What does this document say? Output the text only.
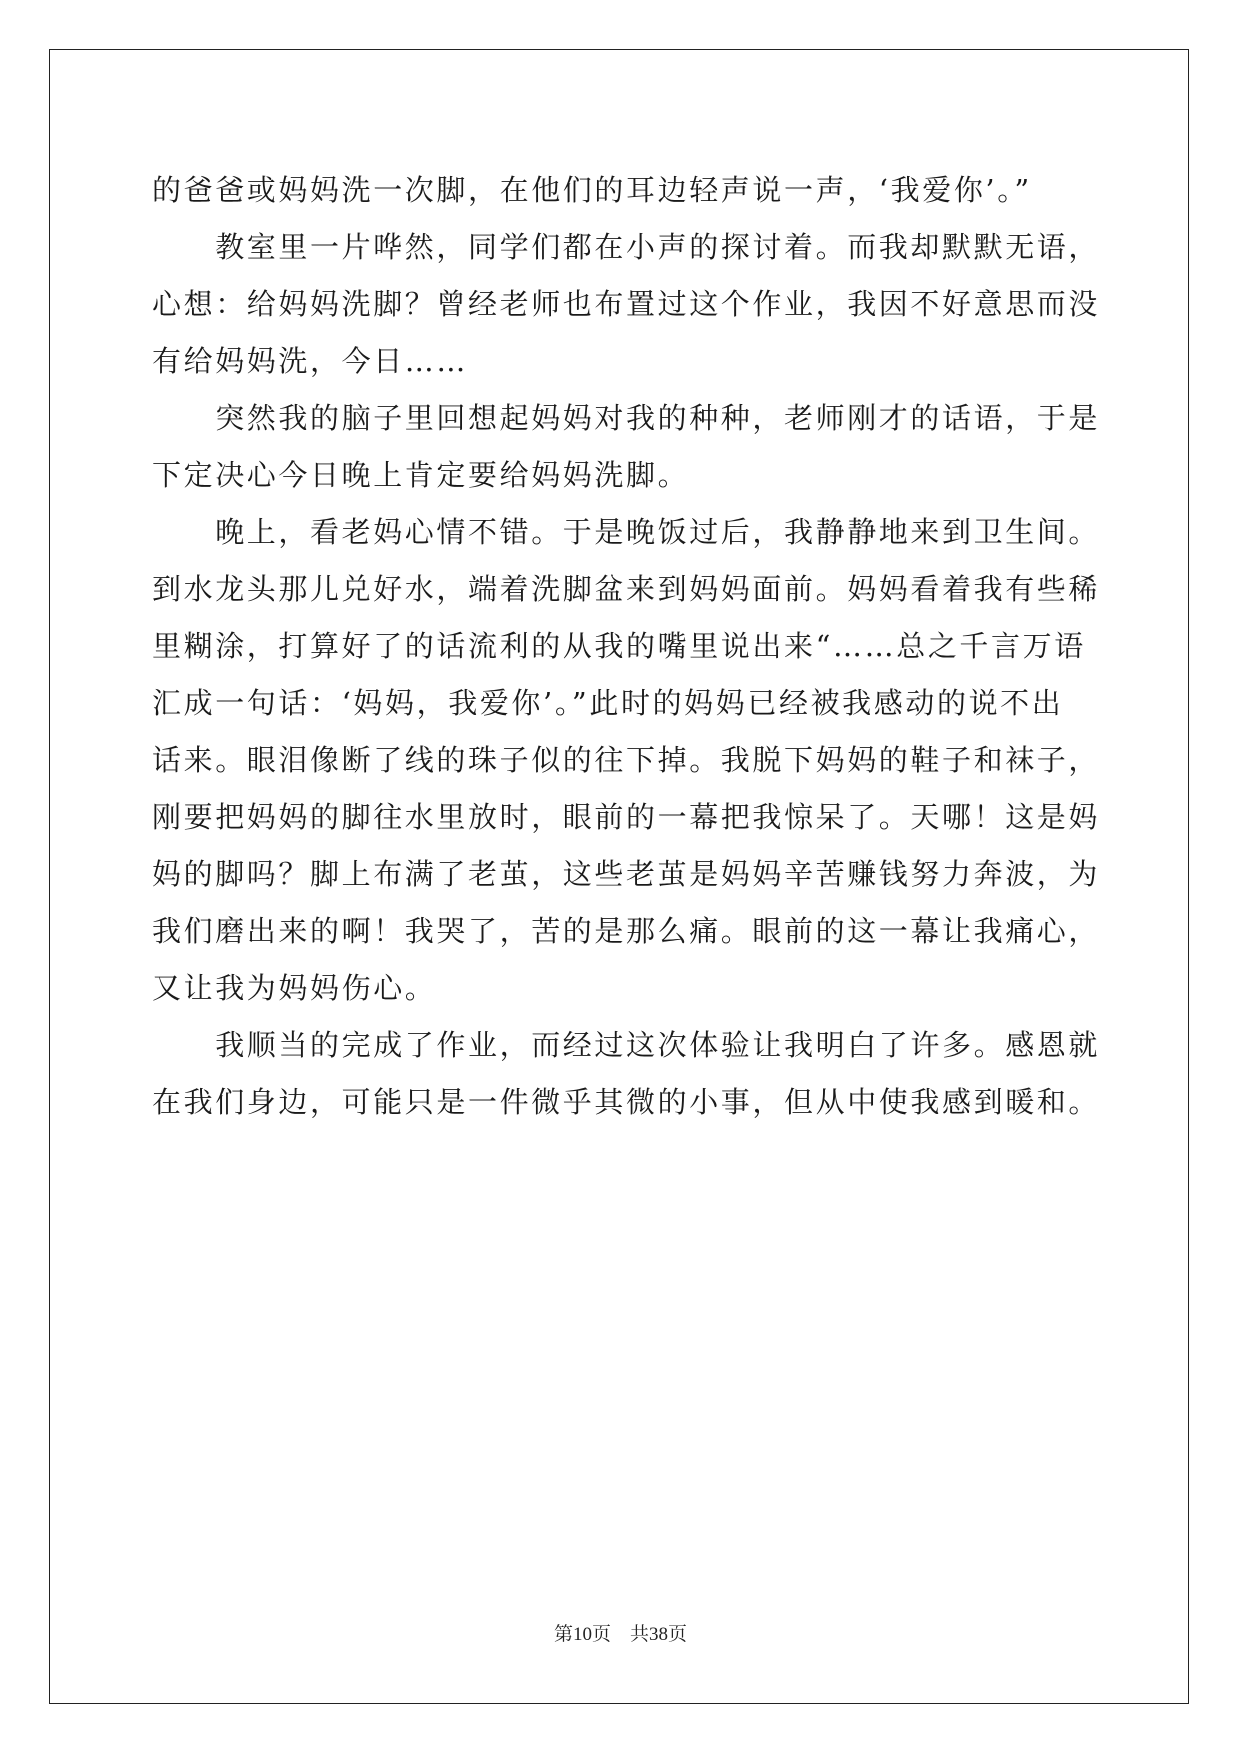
的爸爸或妈妈洗一次脚，在他们的耳边轻声说一声，‘我爱你’。”
　　教室里一片哗然，同学们都在小声的探讨着。而我却默默无语，
心想：给妈妈洗脚？曾经老师也布置过这个作业，我因不好意思而没
有给妈妈洗，今日……
　　突然我的脑子里回想起妈妈对我的种种，老师刚才的话语，于是
下定决心今日晚上肯定要给妈妈洗脚。
　　晚上，看老妈心情不错。于是晚饭过后，我静静地来到卫生间。
到水龙头那儿兑好水，端着洗脚盆来到妈妈面前。妈妈看着我有些稀
里糊涂，打算好了的话流利的从我的嘴里说出来“……总之千言万语
汇成一句话：‘妈妈，我爱你’。”此时的妈妈已经被我感动的说不出
话来。眼泪像断了线的珠子似的往下掉。我脱下妈妈的鞋子和袜子，
刚要把妈妈的脚往水里放时，眼前的一幕把我惊呆了。天哪！这是妈
妈的脚吗？脚上布满了老茧，这些老茧是妈妈辛苦赚钱努力奔波，为
我们磨出来的啊！我哭了，苦的是那么痛。眼前的这一幕让我痛心，
又让我为妈妈伤心。
　　我顺当的完成了作业，而经过这次体验让我明白了许多。感恩就
在我们身边，可能只是一件微乎其微的小事，但从中使我感到暖和。
第10页　共38页
